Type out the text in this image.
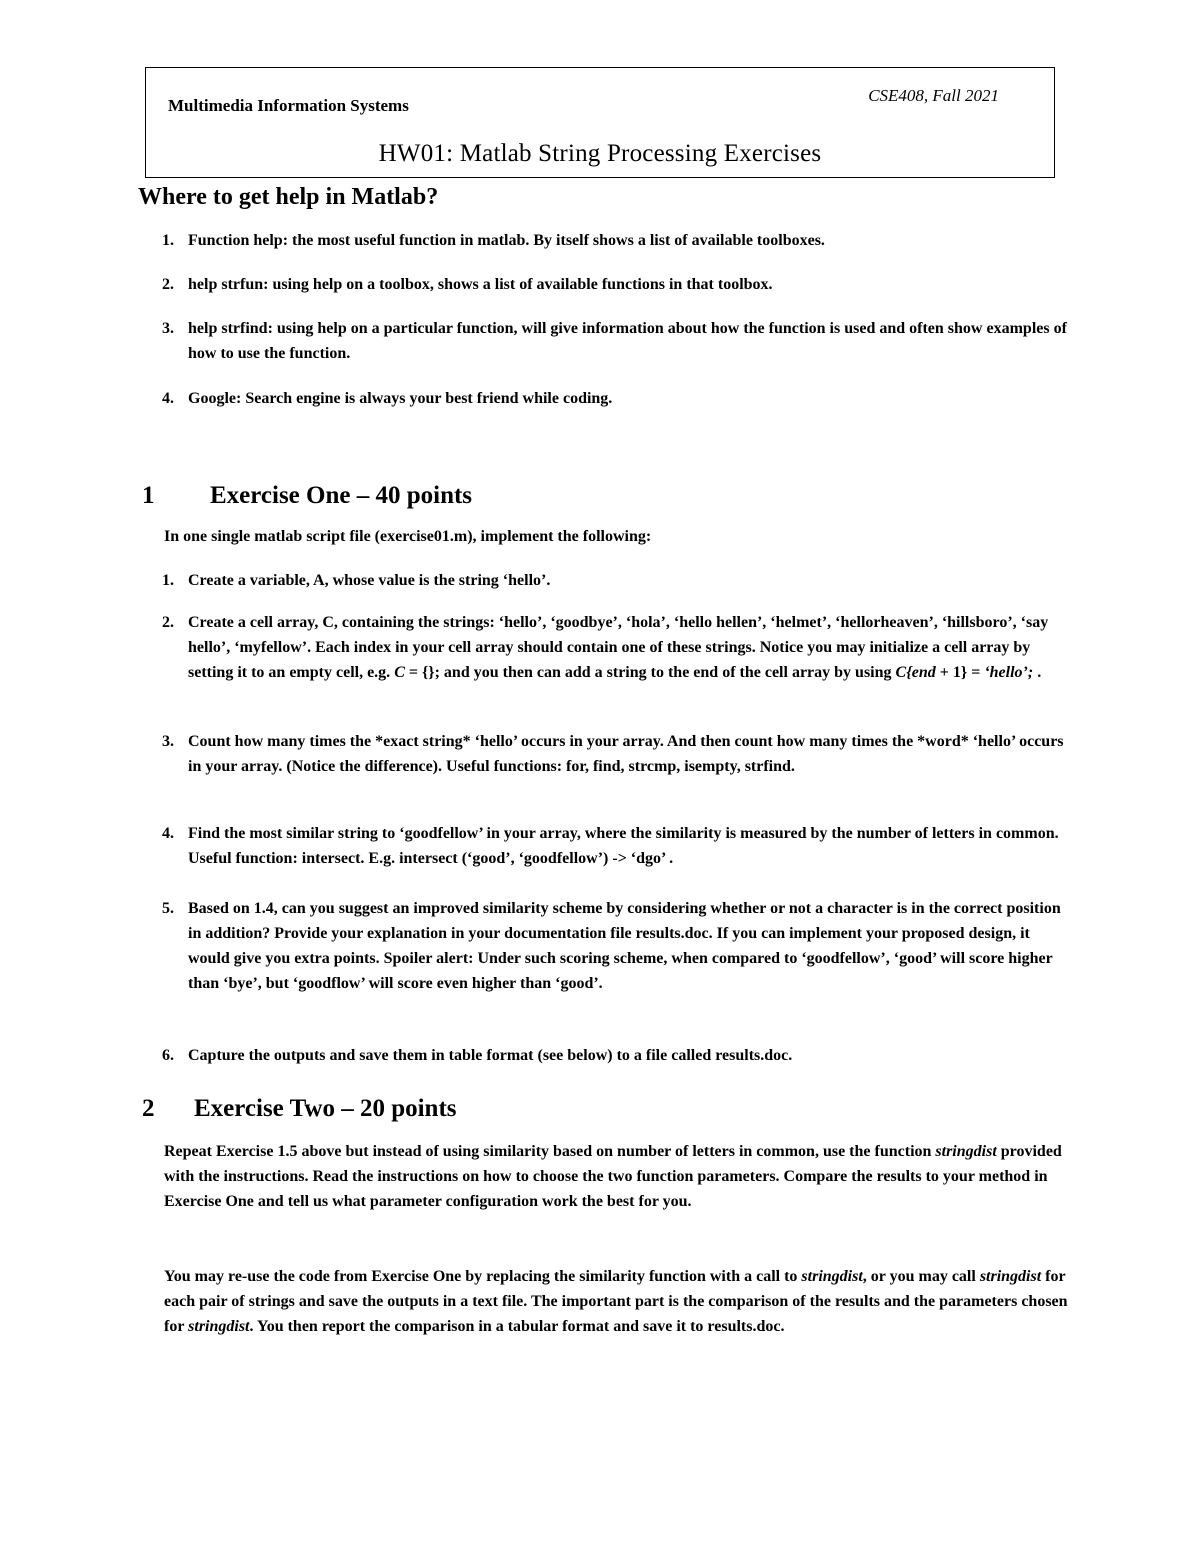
Multimedia Information Systems
CSE408, Fall 2021
HW01: Matlab String Processing Exercises
Where to get help in Matlab?
1. Function help: the most useful function in matlab. By itself shows a list of available toolboxes.
2. help strfun: using help on a toolbox, shows a list of available functions in that toolbox.
3. help strfind: using help on a particular function, will give information about how the function is used and often show examples of how to use the function.
4. Google: Search engine is always your best friend while coding.
1 Exercise One – 40 points
In one single matlab script file (exercise01.m), implement the following:
1. Create a variable, A, whose value is the string ‘hello’.
2. Create a cell array, C, containing the strings: ‘hello’, ‘goodbye’, ‘hola’, ‘hello hellen’, ‘helmet’, ‘hellorheaven’, ‘hillsboro’, ‘say hello’, ‘myfellow’. Each index in your cell array should contain one of these strings. Notice you may initialize a cell array by setting it to an empty cell, e.g. C = {}; and you then can add a string to the end of the cell array by using C{end + 1} = ‘hello’; .
3. Count how many times the *exact string* ‘hello’ occurs in your array. And then count how many times the *word* ‘hello’ occurs in your array. (Notice the difference). Useful functions: for, find, strcmp, isempty, strfind.
4. Find the most similar string to ‘goodfellow’ in your array, where the similarity is measured by the number of letters in common. Useful function: intersect. E.g. intersect (‘good’, ‘goodfellow’) -> ‘dgo’ .
5. Based on 1.4, can you suggest an improved similarity scheme by considering whether or not a character is in the correct position in addition? Provide your explanation in your documentation file results.doc. If you can implement your proposed design, it would give you extra points. Spoiler alert: Under such scoring scheme, when compared to ‘goodfellow’, ‘good’ will score higher than ‘bye’, but ‘goodflow’ will score even higher than ‘good’.
6. Capture the outputs and save them in table format (see below) to a file called results.doc.
2 Exercise Two – 20 points
Repeat Exercise 1.5 above but instead of using similarity based on number of letters in common, use the function stringdist provided with the instructions. Read the instructions on how to choose the two function parameters. Compare the results to your method in Exercise One and tell us what parameter configuration work the best for you.
You may re-use the code from Exercise One by replacing the similarity function with a call to stringdist, or you may call stringdist for each pair of strings and save the outputs in a text file. The important part is the comparison of the results and the parameters chosen for stringdist. You then report the comparison in a tabular format and save it to results.doc.
